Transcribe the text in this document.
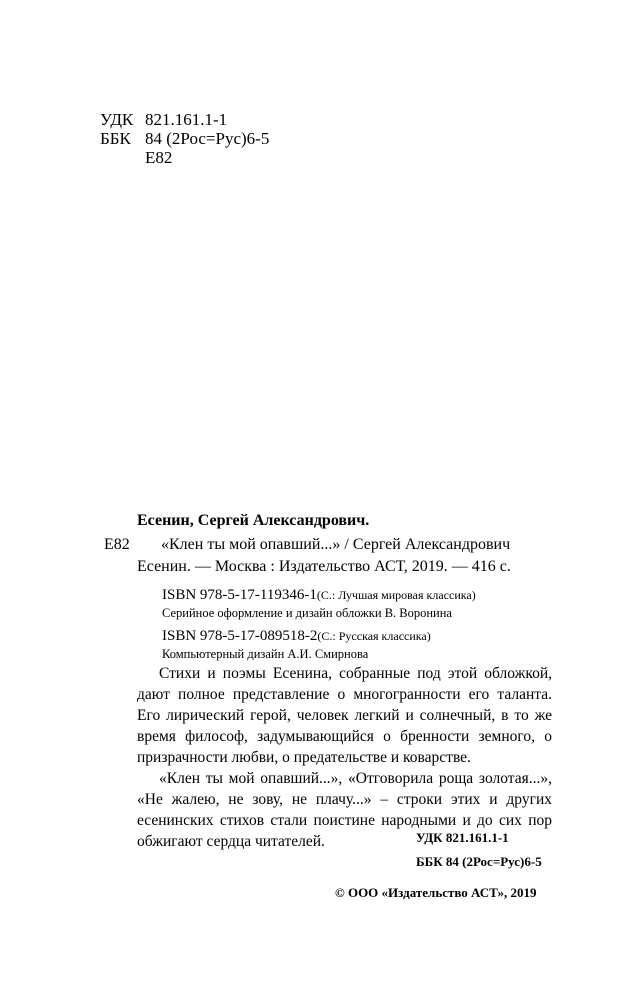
УДК 821.161.1-1
ББК 84 (2Рос=Рус)6-5
Е82
Есенин, Сергей Александрович.
Е82 «Клен ты мой опавший...» / Сергей Александрович
Есенин. — Москва : Издательство АСТ, 2019. — 416 с.
ISBN 978-5-17-119346-1(С.: Лучшая мировая классика)
Серийное оформление и дизайн обложки В. Воронина
ISBN 978-5-17-089518-2(С.: Русская классика)
Компьютерный дизайн А.И. Смирнова

Стихи и поэмы Есенина, собранные под этой обложкой, дают полное представление о многогранности его таланта. Его лирический герой, человек легкий и солнечный, в то же время философ, задумывающийся о бренности земного, о призрачности любви, о предательстве и коварстве.

«Клен ты мой опавший...», «Отговорила роща золотая...», «Не жалею, не зову, не плачу...» – строки этих и других есенинских стихов стали поистине народными и до сих пор обжигают сердца читателей.	УДК 821.161.1-1
ББК 84 (2Рос=Рус)6-5
© ООО «Издательство АСТ», 2019
